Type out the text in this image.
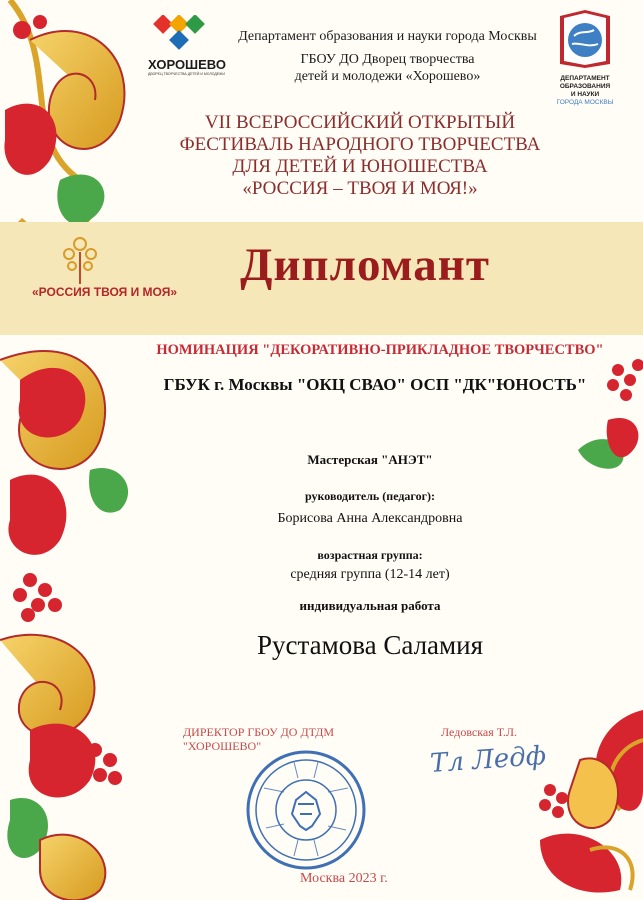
ХОРОШЕВО
ДВОРЕЦ ТВОРЧЕСТВА ДЕТЕЙ И МОЛОДЕЖИ
Департамент образования и науки города Москвы
ГБОУ ДО Дворец творчества
детей и молодежи «Хорошево»	ДЕПАРТАМЕНТ
ОБРАЗОВАНИЯ
И НАУКИ
ГОРОДА МОСКВЫ
VII ВСЕРОССИЙСКИЙ ОТКРЫТЫЙ
ФЕСТИВАЛЬ НАРОДНОГО ТВОРЧЕСТВА
ДЛЯ ДЕТЕЙ И ЮНОШЕСТВА
«РОССИЯ – ТВОЯ И МОЯ!»
«РОССИЯ ТВОЯ И МОЯ»
Дипломант
НОМИНАЦИЯ "ДЕКОРАТИВНО-ПРИКЛАДНОЕ ТВОРЧЕСТВО"
ГБУК г. Москвы "ОКЦ СВАО" ОСП "ДК"ЮНОСТЬ"
Мастерская "АНЭТ"
руководитель (педагог):
Борисова Анна Александровна
возрастная группа:
средняя группа (12-14 лет)
индивидуальная работа
Рустамова Саламия
ДИРЕКТОР ГБОУ ДО ДТДМ
"ХОРОШЕВО"
Ледовская Т.Л.
Тл Ледф
Москва 2023 г.
